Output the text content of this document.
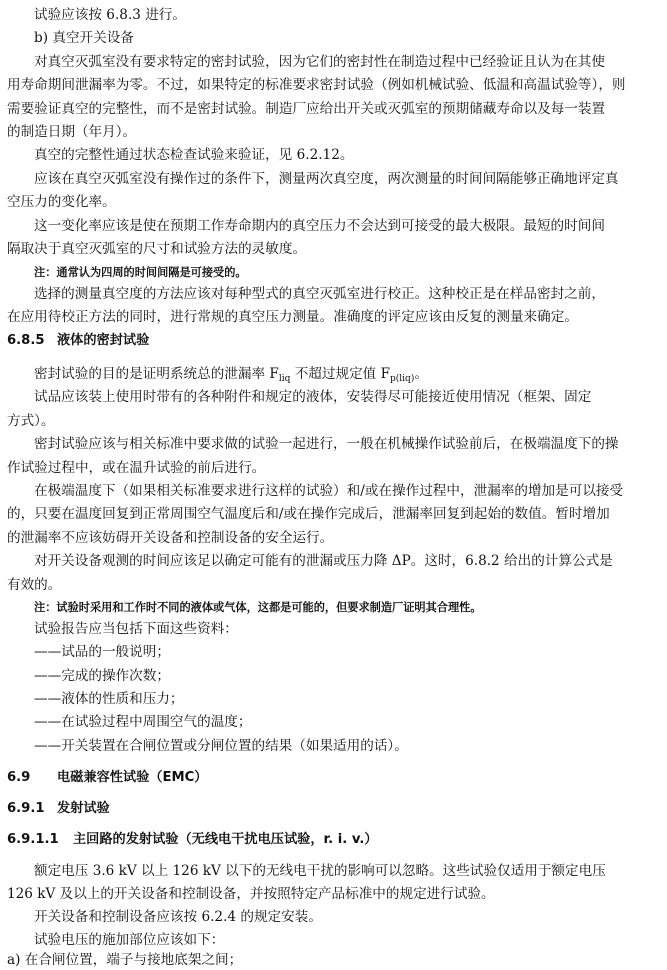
试验应该按 6.8.3 进行。
b) 真空开关设备
对真空灭弧室没有要求特定的密封试验，因为它们的密封性在制造过程中已经验证且认为在其使
用寿命期间泄漏率为零。不过，如果特定的标准要求密封试验（例如机械试验、低温和高温试验等），则
需要验证真空的完整性，而不是密封试验。制造厂应给出开关或灭弧室的预期储藏寿命以及每一装置
的制造日期（年月）。
真空的完整性通过状态检查试验来验证，见 6.2.12。
应该在真空灭弧室没有操作过的条件下，测量两次真空度，两次测量的时间间隔能够正确地评定真
空压力的变化率。
这一变化率应该是使在预期工作寿命期内的真空压力不会达到可接受的最大极限。最短的时间间
隔取决于真空灭弧室的尺寸和试验方法的灵敏度。
注：通常认为四周的时间间隔是可接受的。
选择的测量真空度的方法应该对每种型式的真空灭弧室进行校正。这种校正是在样品密封之前，
在应用待校正方法的同时，进行常规的真空压力测量。准确度的评定应该由反复的测量来确定。
6.8.5 液体的密封试验
密封试验的目的是证明系统总的泄漏率 $F_{liq}$ 不超过规定值 $F_{p(liq)}$。
试品应该装上使用时带有的各种附件和规定的液体，安装得尽可能接近使用情况（框架、固定
方式）。
密封试验应该与相关标准中要求做的试验一起进行，一般在机械操作试验前后，在极端温度下的操
作试验过程中，或在温升试验的前后进行。
在极端温度下（如果相关标准要求进行这样的试验）和/或在操作过程中，泄漏率的增加是可以接受
的，只要在温度回复到正常周围空气温度后和/或在操作完成后，泄漏率回复到起始的数值。暂时增加
的泄漏率不应该妨碍开关设备和控制设备的安全运行。
对开关设备观测的时间应该足以确定可能有的泄漏或压力降 ΔP。这时，6.8.2 给出的计算公式是
有效的。
注：试验时采用和工作时不同的液体或气体，这都是可能的，但要求制造厂证明其合理性。
试验报告应当包括下面这些资料：
——试品的一般说明；
——完成的操作次数；
——液体的性质和压力；
——在试验过程中周围空气的温度；
——开关装置在合闸位置或分闸位置的结果（如果适用的话）。
6.9 电磁兼容性试验（EMC）
6.9.1 发射试验
6.9.1.1 主回路的发射试验（无线电干扰电压试验，r. i. v.）
额定电压 3.6 kV 以上 126 kV 以下的无线电干扰的影响可以忽略。这些试验仅适用于额定电压
126 kV 及以上的开关设备和控制设备，并按照特定产品标准中的规定进行试验。
开关设备和控制设备应该按 6.2.4 的规定安装。
试验电压的施加部位应该如下：
a) 在合闸位置，端子与接地底架之间；
